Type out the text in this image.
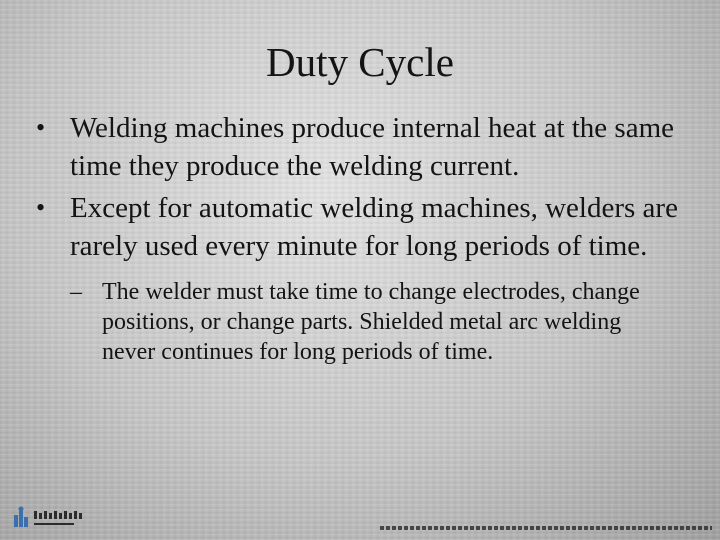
Duty Cycle
• Welding machines produce internal heat at the same time they produce the welding current.
• Except for automatic welding machines, welders are rarely used every minute for long periods of time.
– The welder must take time to change electrodes, change positions, or change parts. Shielded metal arc welding never continues for long periods of time.
